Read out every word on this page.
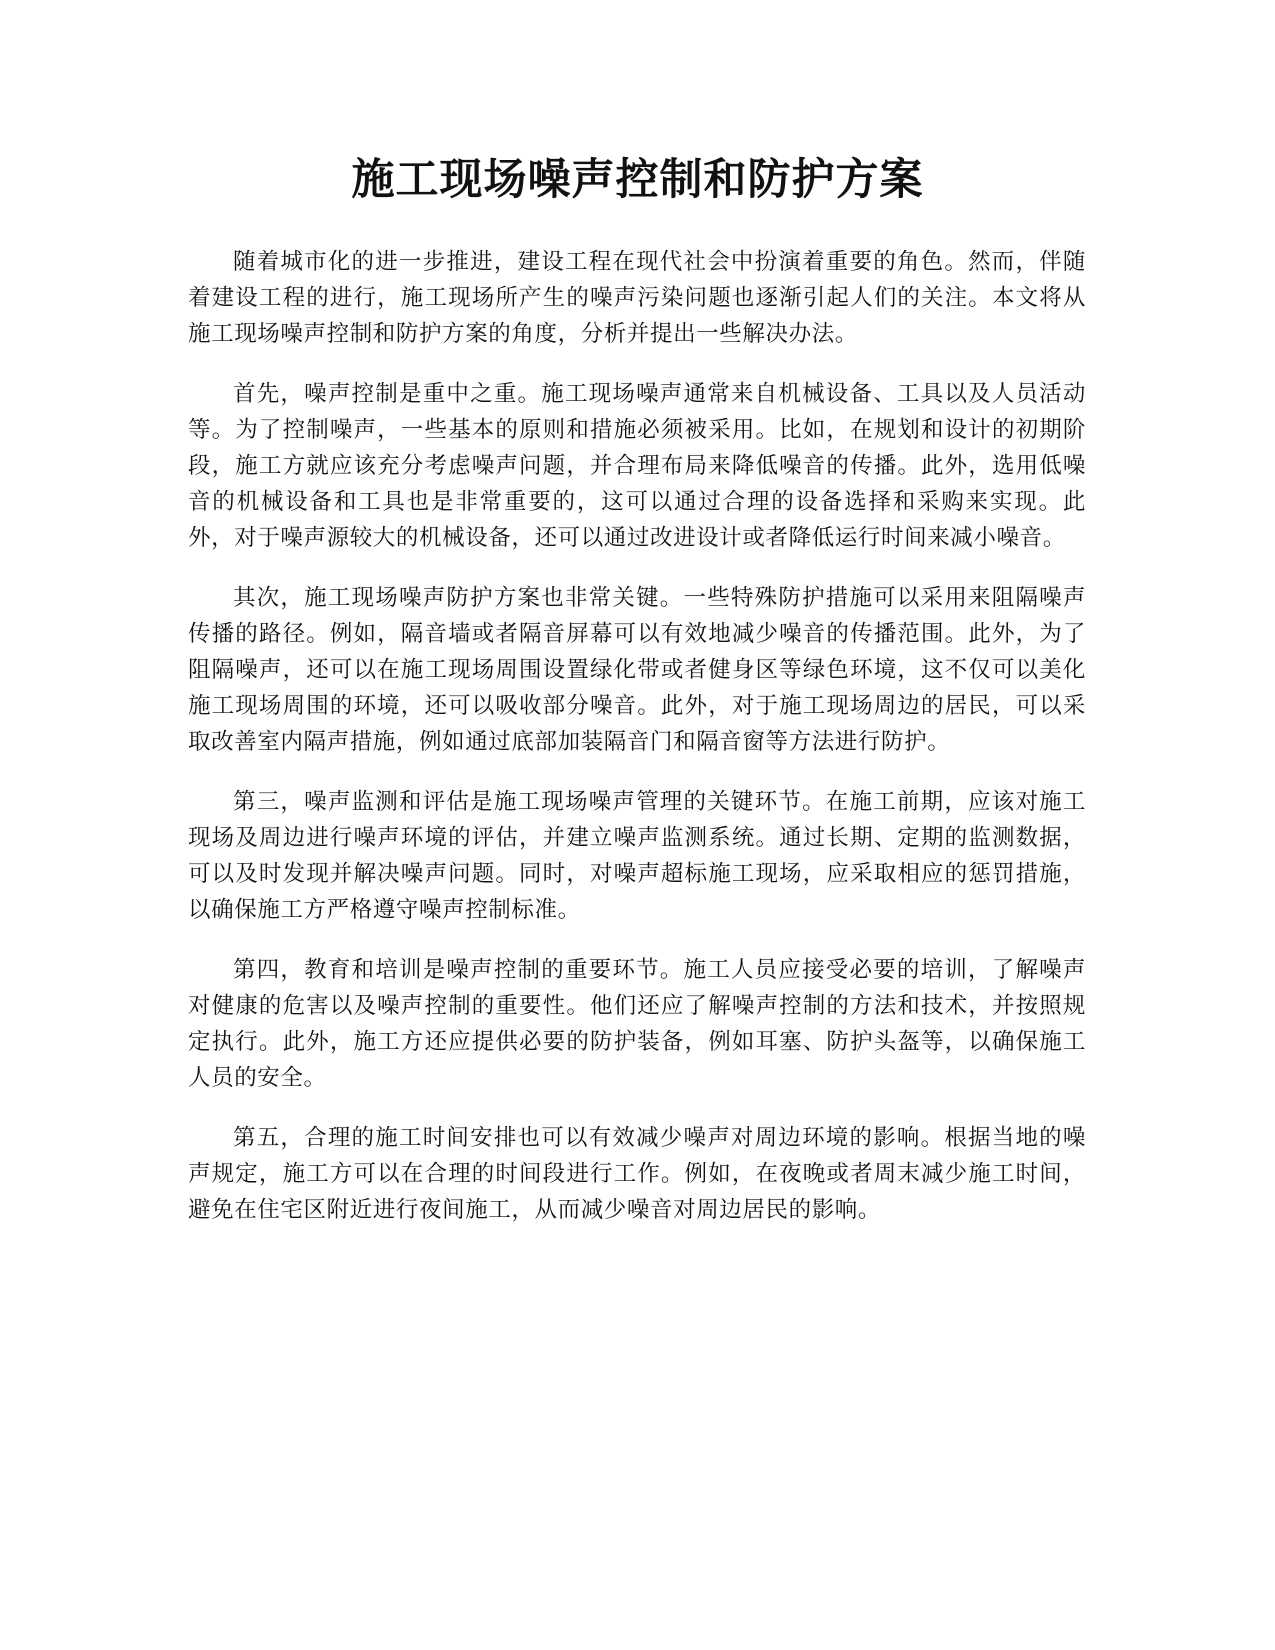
施工现场噪声控制和防护方案

随着城市化的进一步推进，建设工程在现代社会中扮演着重要的角色。然而，伴随着建设工程的进行，施工现场所产生的噪声污染问题也逐渐引起人们的关注。本文将从施工现场噪声控制和防护方案的角度，分析并提出一些解决办法。

首先，噪声控制是重中之重。施工现场噪声通常来自机械设备、工具以及人员活动等。为了控制噪声，一些基本的原则和措施必须被采用。比如，在规划和设计的初期阶段，施工方就应该充分考虑噪声问题，并合理布局来降低噪音的传播。此外，选用低噪音的机械设备和工具也是非常重要的，这可以通过合理的设备选择和采购来实现。此外，对于噪声源较大的机械设备，还可以通过改进设计或者降低运行时间来减小噪音。

其次，施工现场噪声防护方案也非常关键。一些特殊防护措施可以采用来阻隔噪声传播的路径。例如，隔音墙或者隔音屏幕可以有效地减少噪音的传播范围。此外，为了阻隔噪声，还可以在施工现场周围设置绿化带或者健身区等绿色环境，这不仅可以美化施工现场周围的环境，还可以吸收部分噪音。此外，对于施工现场周边的居民，可以采取改善室内隔声措施，例如通过底部加装隔音门和隔音窗等方法进行防护。

第三，噪声监测和评估是施工现场噪声管理的关键环节。在施工前期，应该对施工现场及周边进行噪声环境的评估，并建立噪声监测系统。通过长期、定期的监测数据，可以及时发现并解决噪声问题。同时，对噪声超标施工现场，应采取相应的惩罚措施，以确保施工方严格遵守噪声控制标准。

第四，教育和培训是噪声控制的重要环节。施工人员应接受必要的培训，了解噪声对健康的危害以及噪声控制的重要性。他们还应了解噪声控制的方法和技术，并按照规定执行。此外，施工方还应提供必要的防护装备，例如耳塞、防护头盔等，以确保施工人员的安全。

第五，合理的施工时间安排也可以有效减少噪声对周边环境的影响。根据当地的噪声规定，施工方可以在合理的时间段进行工作。例如，在夜晚或者周末减少施工时间，避免在住宅区附近进行夜间施工，从而减少噪音对周边居民的影响。
